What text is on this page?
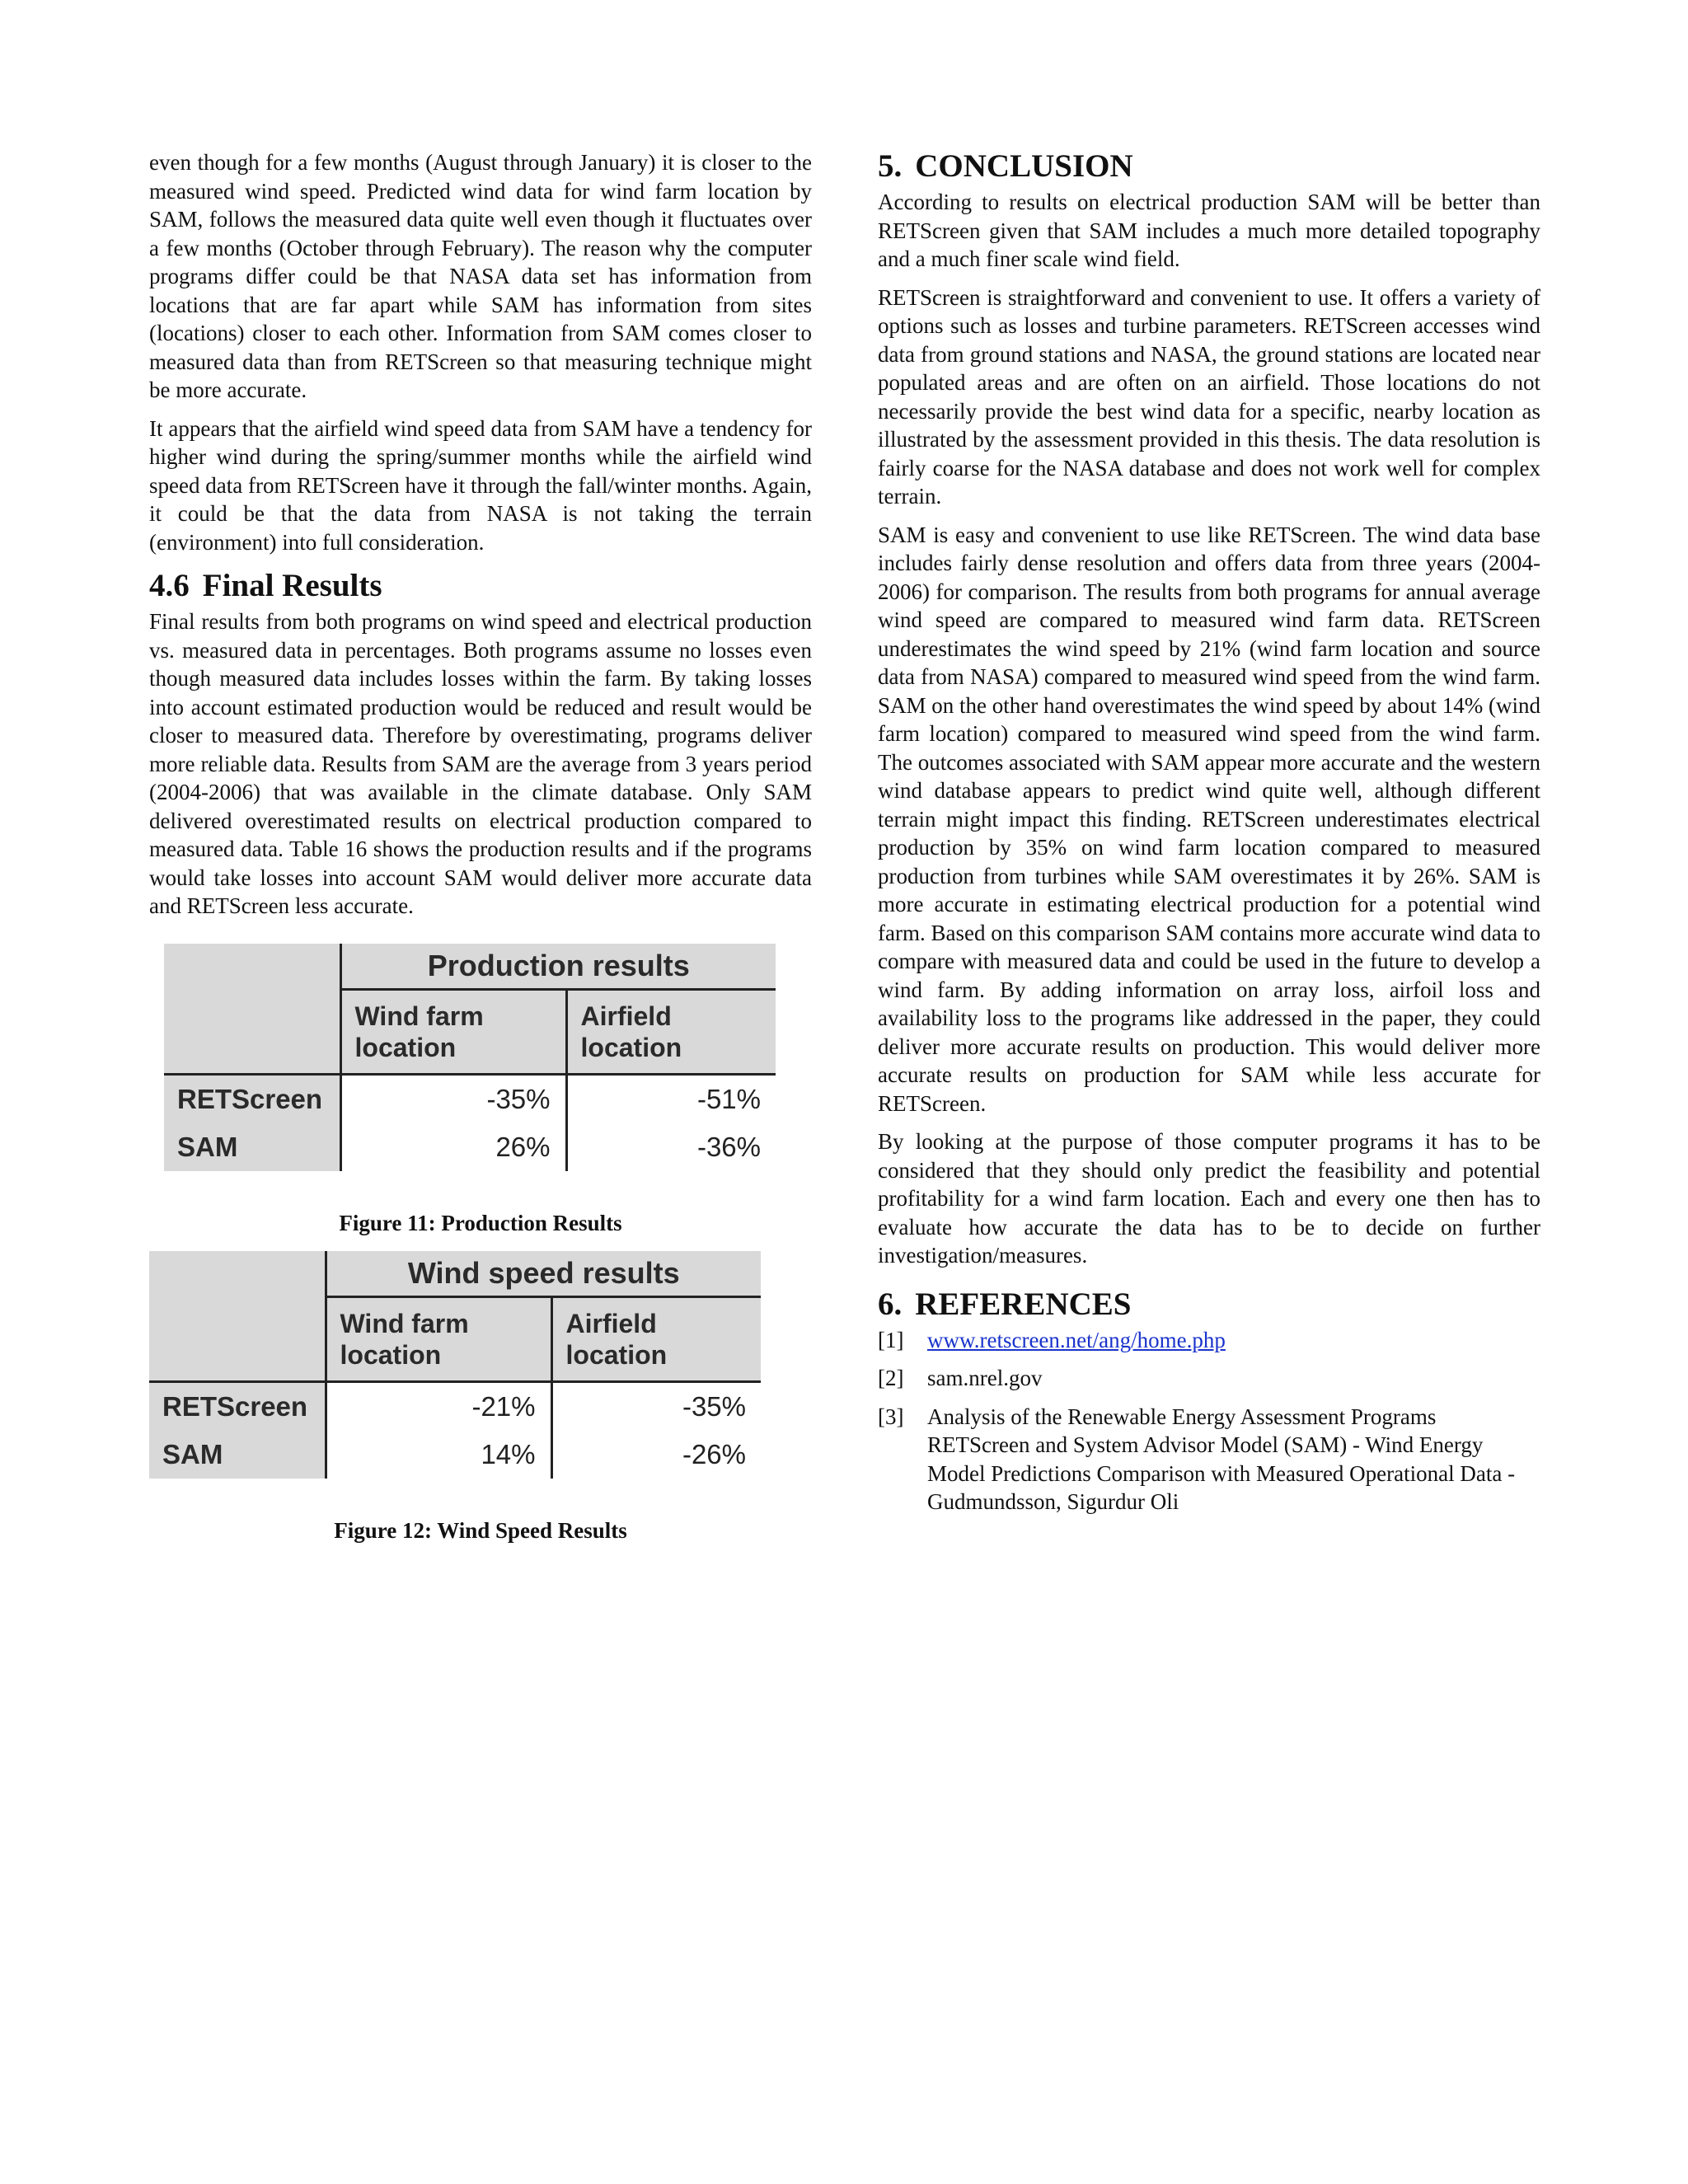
even though for a few months (August through January) it is closer to the measured wind speed. Predicted wind data for wind farm location by SAM, follows the measured data quite well even though it fluctuates over a few months (October through February). The reason why the computer programs differ could be that NASA data set has information from locations that are far apart while SAM has information from sites (locations) closer to each other. Information from SAM comes closer to measured data than from RETScreen so that measuring technique might be more accurate.

It appears that the airfield wind speed data from SAM have a tendency for higher wind during the spring/summer months while the airfield wind speed data from RETScreen have it through the fall/winter months. Again, it could be that the data from NASA is not taking the terrain (environment) into full consideration.

4.6 Final Results

Final results from both programs on wind speed and electrical production vs. measured data in percentages. Both programs assume no losses even though measured data includes losses within the farm. By taking losses into account estimated production would be reduced and result would be closer to measured data. Therefore by overestimating, programs deliver more reliable data. Results from SAM are the average from 3 years period (2004-2006) that was available in the climate database. Only SAM delivered overestimated results on electrical production compared to measured data. Table 16 shows the production results and if the programs would take losses into account SAM would deliver more accurate data and RETScreen less accurate.

	Production results	
	Wind farm location	Airfield location
RETScreen	-35%	-51%
SAM	26%	-36%
Figure 11: Production Results
	Wind speed results	
	Wind farm location	Airfield location
RETScreen	-21%	-35%
SAM	14%	-26%
Figure 12: Wind Speed Results
5. CONCLUSION

According to results on electrical production SAM will be better than RETScreen given that SAM includes a much more detailed topography and a much finer scale wind field.

RETScreen is straightforward and convenient to use. It offers a variety of options such as losses and turbine parameters. RETScreen accesses wind data from ground stations and NASA, the ground stations are located near populated areas and are often on an airfield. Those locations do not necessarily provide the best wind data for a specific, nearby location as illustrated by the assessment provided in this thesis. The data resolution is fairly coarse for the NASA database and does not work well for complex terrain.

SAM is easy and convenient to use like RETScreen. The wind data base includes fairly dense resolution and offers data from three years (2004-2006) for comparison. The results from both programs for annual average wind speed are compared to measured wind farm data. RETScreen underestimates the wind speed by 21% (wind farm location and source data from NASA) compared to measured wind speed from the wind farm. SAM on the other hand overestimates the wind speed by about 14% (wind farm location) compared to measured wind speed from the wind farm. The outcomes associated with SAM appear more accurate and the western wind database appears to predict wind quite well, although different terrain might impact this finding. RETScreen underestimates electrical production by 35% on wind farm location compared to measured production from turbines while SAM overestimates it by 26%. SAM is more accurate in estimating electrical production for a potential wind farm. Based on this comparison SAM contains more accurate wind data to compare with measured data and could be used in the future to develop a wind farm. By adding information on array loss, airfoil loss and availability loss to the programs like addressed in the paper, they could deliver more accurate results on production. This would deliver more accurate results on production for SAM while less accurate for RETScreen.

By looking at the purpose of those computer programs it has to be considered that they should only predict the feasibility and potential profitability for a wind farm location. Each and every one then has to evaluate how accurate the data has to be to decide on further investigation/measures.

6. REFERENCES
[1] www.retscreen.net/ang/home.php
[2] sam.nrel.gov
[3] Analysis of the Renewable Energy Assessment Programs RETScreen and System Advisor Model (SAM) - Wind Energy Model Predictions Comparison with Measured Operational Data - Gudmundsson, Sigurdur Oli
